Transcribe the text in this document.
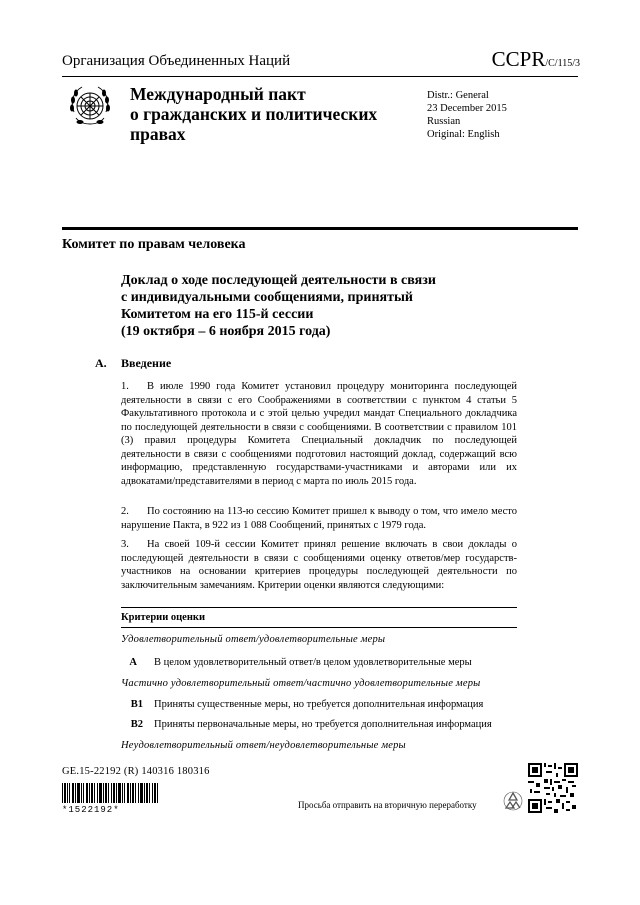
Организация Объединенных Наций	CCPR/C/115/3
Международный пакт
о гражданских и политических
правах
Distr.: General
23 December 2015
Russian
Original: English
Комитет по правам человека
Доклад о ходе последующей деятельности в связи
с индивидуальными сообщениями, принятый
Комитетом на его 115-й сессии
(19 октября – 6 ноября 2015 года)
A. Введение
1. В июле 1990 года Комитет установил процедуру мониторинга последующей деятельности в связи с его Соображениями в соответствии с пунктом 4 статьи 5 Факультативного протокола и с этой целью учредил мандат Специального докладчика по последующей деятельности в связи с сообщениями. В соответствии с правилом 101 (3) правил процедуры Комитета Специальный докладчик по последующей деятельности в связи с сообщениями подготовил настоящий доклад, содержащий всю информацию, представленную государствами-участниками и авторами или их адвокатами/представителями в период с марта по июль 2015 года.
2. По состоянию на 113-ю сессию Комитет пришел к выводу о том, что имело место нарушение Пакта, в 922 из 1 088 Сообщений, принятых с 1979 года.
3. На своей 109-й сессии Комитет принял решение включать в свои доклады о последующей деятельности в связи с сообщениями оценку ответов/мер государств-участников на основании критериев процедуры последующей деятельности по заключительным замечаниям. Критерии оценки являются следующими:
Критерии оценки
Удовлетворительный ответ/удовлетворительные меры
A В целом удовлетворительный ответ/в целом удовлетворительные меры
Частично удовлетворительный ответ/частично удовлетворительные меры
B1 Приняты существенные меры, но требуется дополнительная информация
B2 Приняты первоначальные меры, но требуется дополнительная информация
Неудовлетворительный ответ/неудовлетворительные меры
GE.15-22192 (R) 140316 180316
*1522192*	Просьба отправить на вторичную переработку
